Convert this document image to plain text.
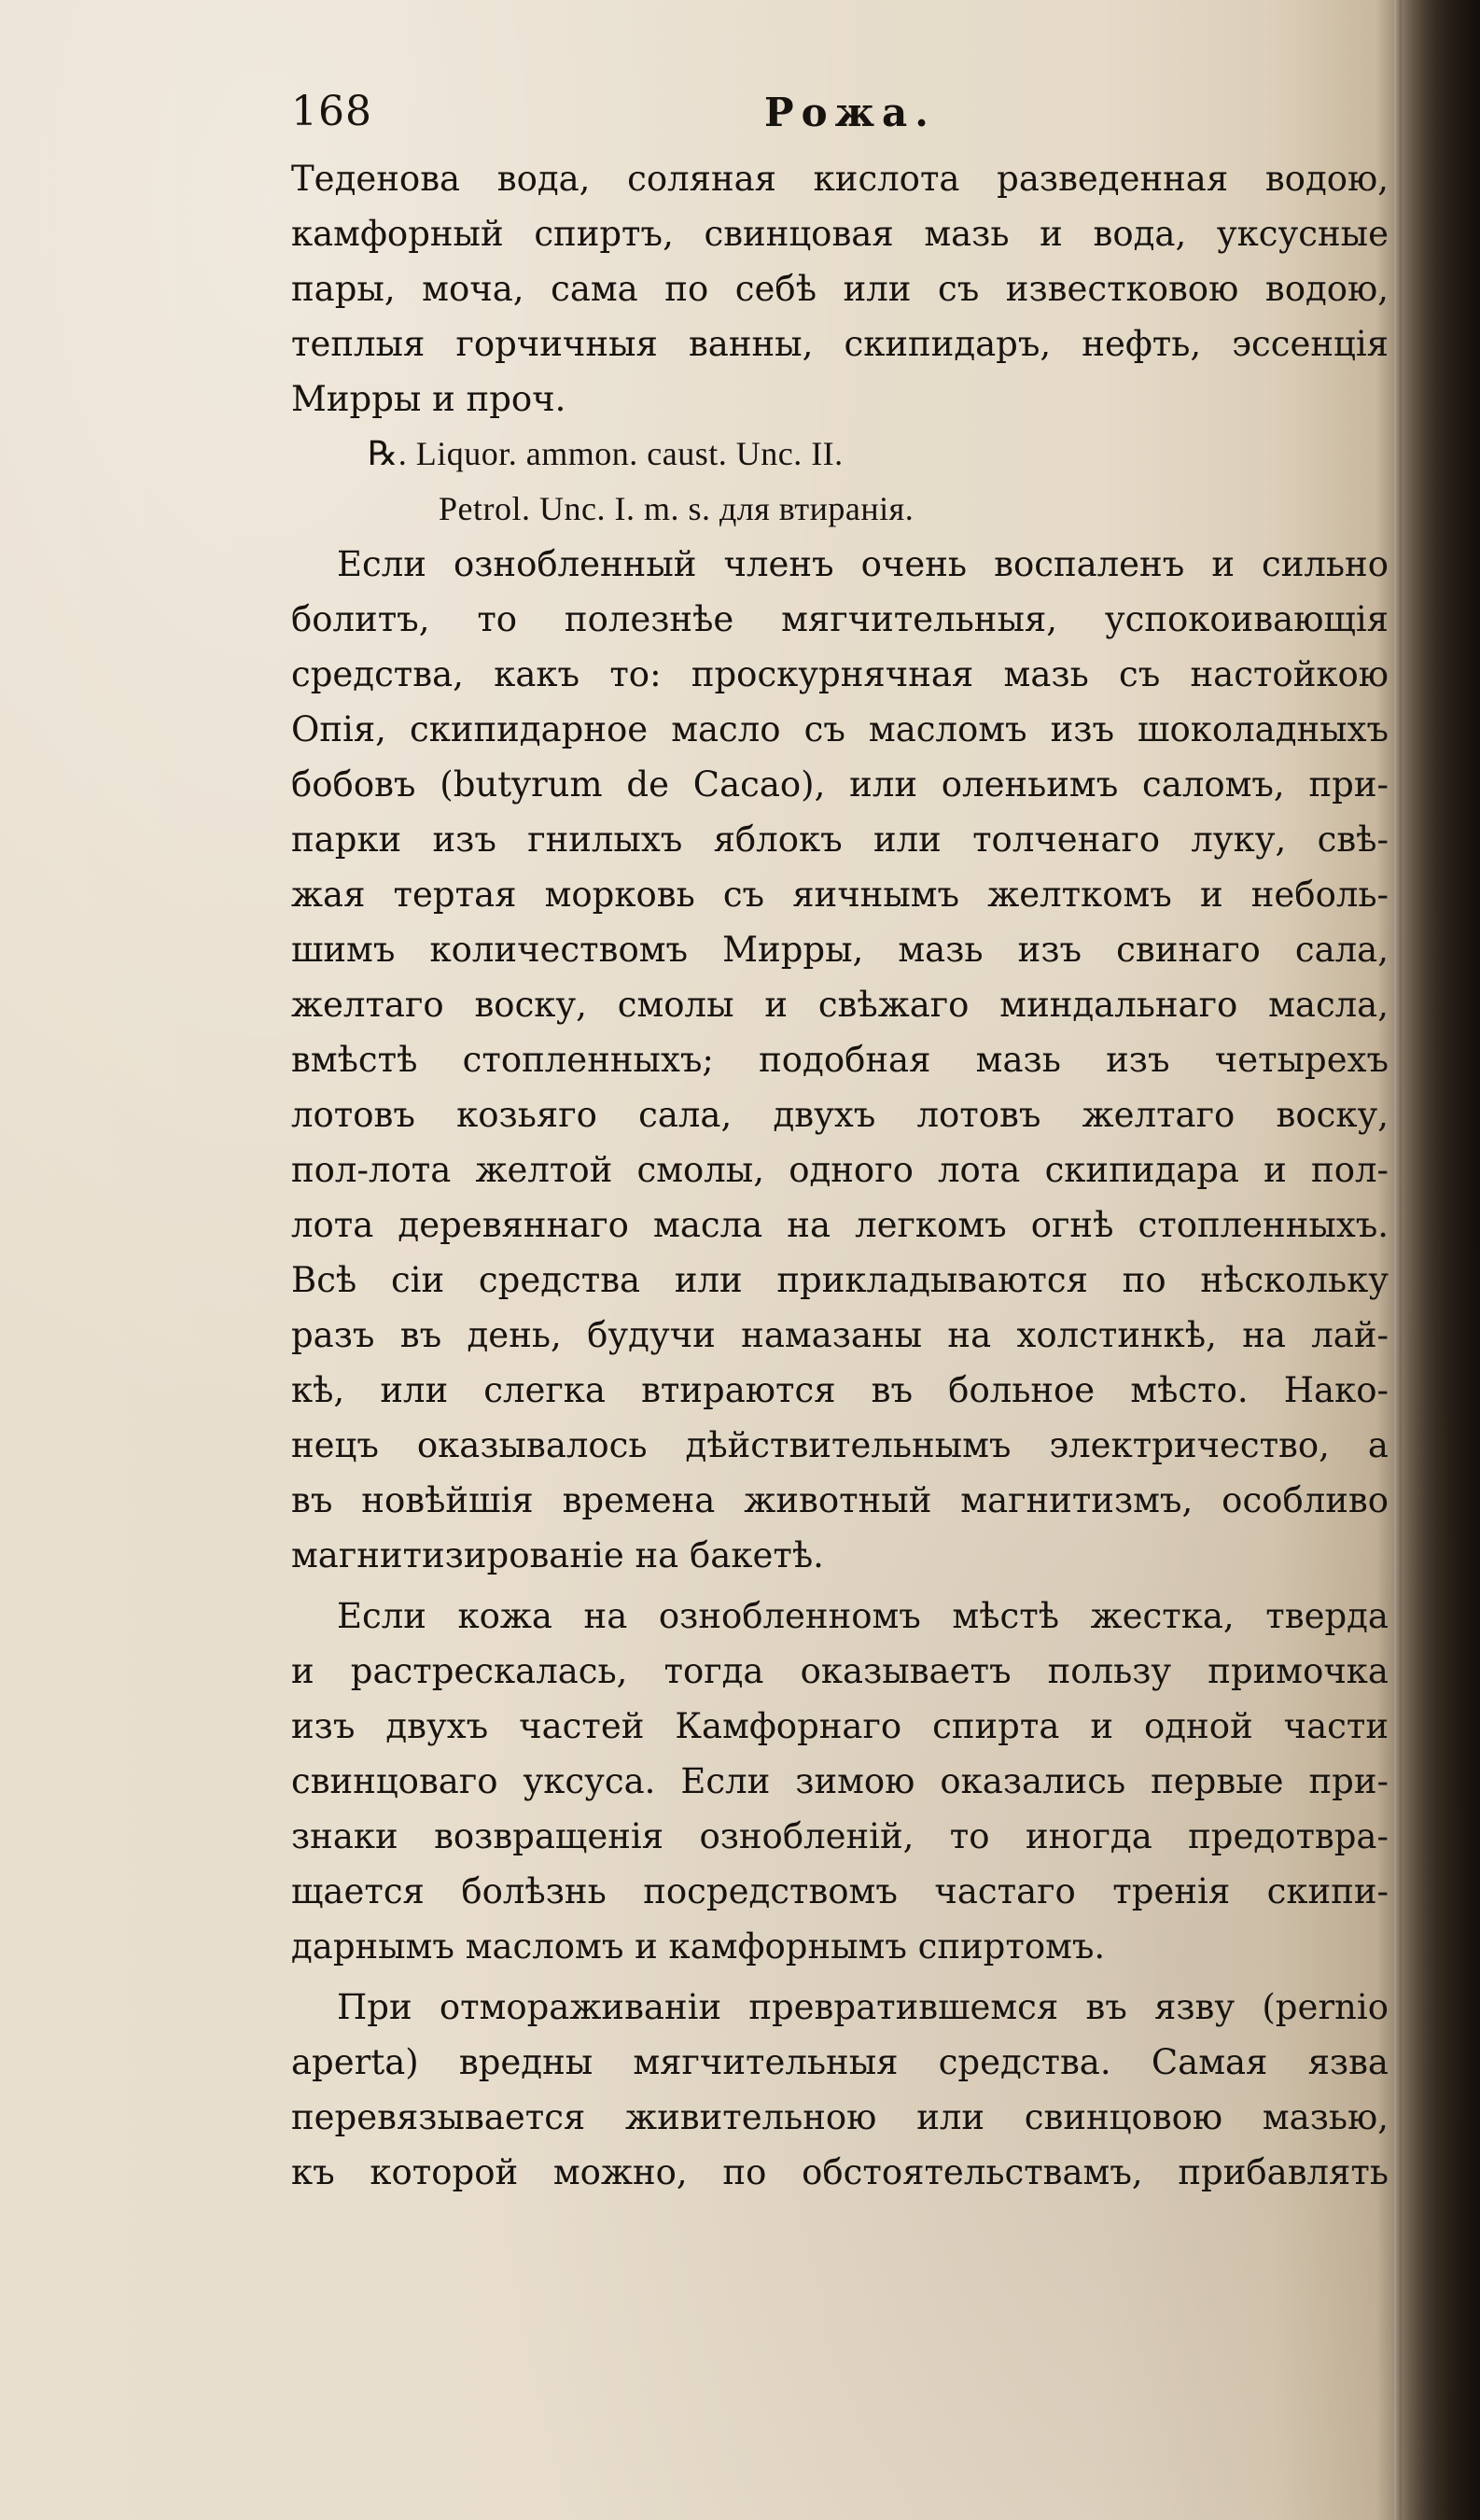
168	Рожа.
Теденова вода, соляная кислота разведенная водою,
камфорный спиртъ, свинцовая мазь и вода, уксусные
пары, моча, сама по себѣ или съ известковою водою,
теплыя горчичныя ванны, скипидаръ, нефть, эссенція
Мирры и проч.
℞. Liquor. ammon. caust. Unc. II.
Petrol. Unc. I. m. s. для втиранія.
Если ознобленный членъ очень воспаленъ и сильно
болитъ, то полезнѣе мягчительныя, успокоивающія
средства, какъ то: проскурнячная мазь съ настойкою
Опія, скипидарное масло съ масломъ изъ шоколадныхъ
бобовъ (butyrum de Cacao), или оленьимъ саломъ, при-
парки изъ гнилыхъ яблокъ или толченаго луку, свѣ-
жая тертая морковь съ яичнымъ желткомъ и неболь-
шимъ количествомъ Мирры, мазь изъ свинаго сала,
желтаго воску, смолы и свѣжаго миндальнаго масла,
вмѣстѣ стопленныхъ; подобная мазь изъ четырехъ
лотовъ козьяго сала, двухъ лотовъ желтаго воску,
пол-лота желтой смолы, одного лота скипидара и пол-
лота деревяннаго масла на легкомъ огнѣ стопленныхъ.
Всѣ сіи средства или прикладываются по нѣскольку
разъ въ день, будучи намазаны на холстинкѣ, на лай-
кѣ, или слегка втираются въ больное мѣсто. Нако-
нецъ оказывалось дѣйствительнымъ электричество, а
въ новѣйшія времена животный магнитизмъ, особливо
магнитизированіе на бакетѣ.
Если кожа на ознобленномъ мѣстѣ жестка, тверда
и растрескалась, тогда оказываетъ пользу примочка
изъ двухъ частей Камфорнаго спирта и одной части
свинцоваго уксуса. Если зимою оказались первые при-
знаки возвращенія ознобленій, то иногда предотвра-
щается болѣзнь посредствомъ частаго тренія скипи-
дарнымъ масломъ и камфорнымъ спиртомъ.
При отмораживаніи превратившемся въ язву (pernio
aperta) вредны мягчительныя средства. Самая язва
перевязывается живительною или свинцовою мазью,
къ которой можно, по обстоятельствамъ, прибавлять
